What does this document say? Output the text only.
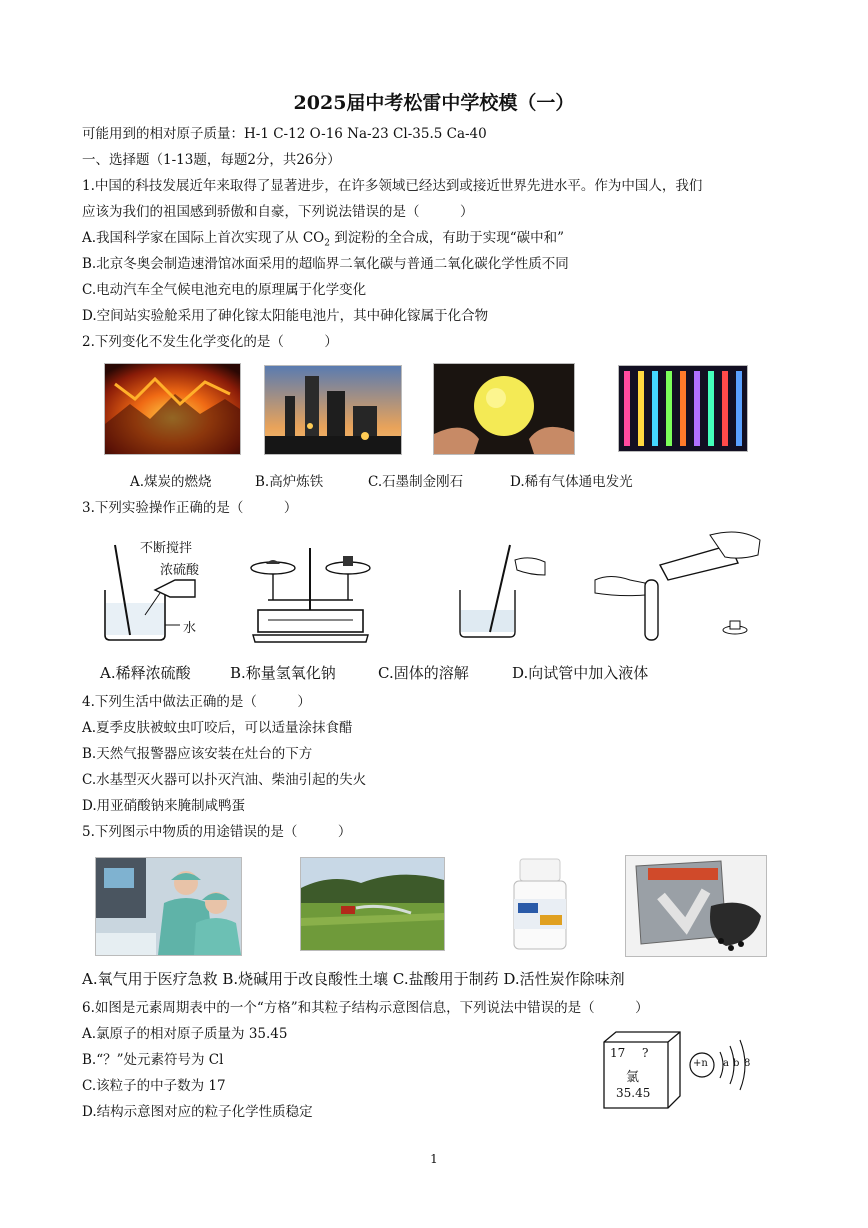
2025届中考松雷中学校模（一）
可能用到的相对原子质量：H-1 C-12 O-16 Na-23 Cl-35.5 Ca-40
一、选择题（1-13题，每题2分，共26分）
1.中国的科技发展近年来取得了显著进步，在许多领域已经达到或接近世界先进水平。作为中国人，我们
应该为我们的祖国感到骄傲和自豪，下列说法错误的是（　　　）
A.我国科学家在国际上首次实现了从 $CO_2$ 到淀粉的全合成，有助于实现“碳中和”
B.北京冬奥会制造速滑馆冰面采用的超临界二氧化碳与普通二氧化碳化学性质不同
C.电动汽车全气候电池充电的原理属于化学变化
D.空间站实验舱采用了砷化镓太阳能电池片，其中砷化镓属于化合物
2.下列变化不发生化学变化的是（　　　）
A.煤炭的燃烧	B.高炉炼铁	C.石墨制金刚石	D.稀有气体通电发光
3.下列实验操作正确的是（　　　）
不断搅拌
浓硫酸
水
A.稀释浓硫酸	B.称量氢氧化钠	C.固体的溶解	D.向试管中加入液体
4.下列生活中做法正确的是（　　　）
A.夏季皮肤被蚊虫叮咬后，可以适量涂抹食醋
B.天然气报警器应该安装在灶台的下方
C.水基型灭火器可以扑灭汽油、柴油引起的失火
D.用亚硝酸钠来腌制咸鸭蛋
5.下列图示中物质的用途错误的是（　　　）
A.氧气用于医疗急救 B.烧碱用于改良酸性土壤 C.盐酸用于制药 D.活性炭作除味剂
6.如图是元素周期表中的一个“方格”和其粒子结构示意图信息，下列说法中错误的是（　　　）
A.氯原子的相对原子质量为 35.45
B.“？”处元素符号为 Cl
C.该粒子的中子数为 17
D.结构示意图对应的粒子化学性质稳定
17 ?
氯
35.45
+n a b 8
1
